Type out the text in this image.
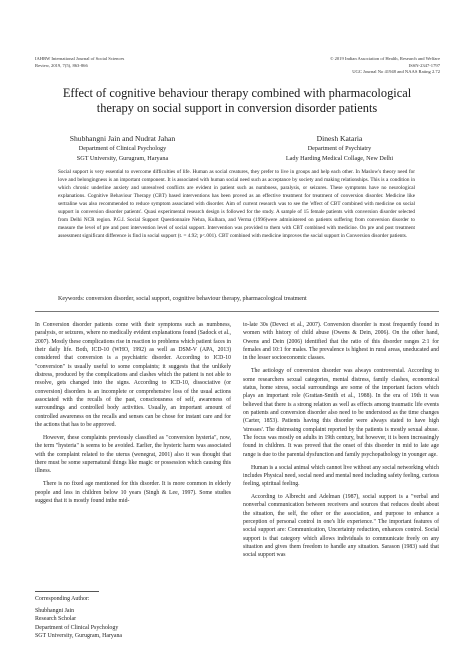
IAHRW International Journal of Social Sciences
Review, 2019, 7(5), 863-866
© 2019 Indian Association of Health, Research and Welfare
ISSN-2347-1797
UGC Journal No 41948 and NAAS Rating 2.72
Effect of cognitive behaviour therapy combined with pharmacological
therapy on social support in conversion disorder patients
Shubhangni Jain and Nudrat Jahan
Department of Clinical Psychology
SGT University, Gurugram, Haryana
Dinesh Kataria
Department of Psychiatry
Lady Harding Medical Collage, New Delhi
Social support is very essential to overcome difficulties of life. Human as social creatures, they prefer to live in groups and help each other. In Maslow's theory need for love and belongingness is an important component. It is associated with human social need such as acceptance by society and making relationships. This is a condition in which chronic underline anxiety and unresolved conflicts are evident in patient such as numbness, paralysis, or seizures. These symptoms have no neurological explanations. Cognitive Behaviour Therapy (CBT) based interventions has been proved as an effective treatment for treatment of conversion disorder. Medicine like sertraline was also recommended to reduce symptom associated with disorder. Aim of current research was to see the 'effect of CBT combined with medicine on social support in conversion disorder patients'. Quasi experimental research design is followed for the study. A sample of 15 female patients with conversion disorder selected from Delhi NCR region. P.G.I. Social Support Questionnaire Nehra, Kulhara, and Verma (1996)were administered on patients suffering from conversion disorder to measure the level of pre and post intervention level of social support. Intervention was provided to them with CBT combined with medicine. On pre and post treatment assessment significant difference is find in social support (t. = 4.92; p<.001). CBT combined with medicine improves the social support in Conversion disorder patients.
Keywords: conversion disorder, social support, cognitive behaviour therapy, pharmacological treatment

In Conversion disorder patients come with their symptoms such as numbness, paralysis, or seizures, where no medically evident explanations found (Sadock et al., 2007). Mostly these complications rise in reaction to problems which patient faces in their daily life. Both, ICD-10 (WHO, 1992) as well as DSM-V (APA, 2013) considered that conversion is a psychiatric disorder. According to ICD-10 "conversion" is usually useful to some complaints; it suggests that the unlikely distress, produced by the complications and clashes which the patient is not able to resolve, gets changed into the signs. According to ICD-10, dissociative (or conversion) disorders is an incomplete or comprehensive loss of the usual actions associated with the recalls of the past, consciousness of self, awareness of surroundings and controlled body activities. Usually, an important amount of controlled awareness on the recalls and senses can be chose for instant care and for the actions that has to be approved.

However, these complaints previously classified as "conversion hysteria", now, the term "hysteria" is seems to be avoided. Earlier, the hysteric harm was associated with the complaint related to the uterus (wenegrat, 2001) also it was thought that there must be some supernatural things like magic or possession which causing this illness.

There is no fixed age mentioned for this disorder. It is more common in elderly people and less in children below 10 years (Singh & Lee, 1997). Some studies suggest that it is mostly found inthe mid-

to-late 30s (Deveci et al., 2007). Conversion disorder is most frequently found in women with history of child abuse (Owens & Dein, 2006). On the other hand, Owens and Dein (2006) identified that the ratio of this disorder ranges 2:1 for females and 10:1 for males. The prevalence is highest in rural areas, uneducated and in the lesser socioeconomic classes.

The aetiology of conversion disorder was always controversial. According to some researchers sexual categories, mental distress, family clashes, economical status, home stress, social surroundings are some of the important factors which plays an important role (Grattan-Smith et al., 1988). In the era of 19th it was believed that there is a strong relation as well as effects among traumatic life events on patients and conversion disorder also need to be understood as the time changes (Carter, 1853). Patients having this disorder were always stated to have high 'stresses'. The distressing complaint reported by the patients is mostly sexual abuse. The focus was mostly on adults in 19th century, but however, it is been increasingly found in children. It was proved that the onset of this disorder in mid to late age range is due to the parental dysfunction and family psychopathology in younger age.

Human is a social animal which cannot live without any social networking which includes Physical need, social need and mental need including safety feeling, curious feeling, spiritual feeling.

According to Albrecht and Adelman (1987), social support is a "verbal and nonverbal communication between receivers and sources that reduces doubt about the situation, the self, the other or the association, and purpose to enhance a perception of personal control in one's life experience." The important features of social support are: Communication, Uncertainty reduction, enhances control. Social support is that category which allows individuals to communicate freely on any situation and gives them freedom to handle any situation. Sarason (1983) said that social support was

Corresponding Author:
Shubhangni Jain
Research Scholar
Department of Clinical Psychology
SGT University, Gurugram, Haryana
